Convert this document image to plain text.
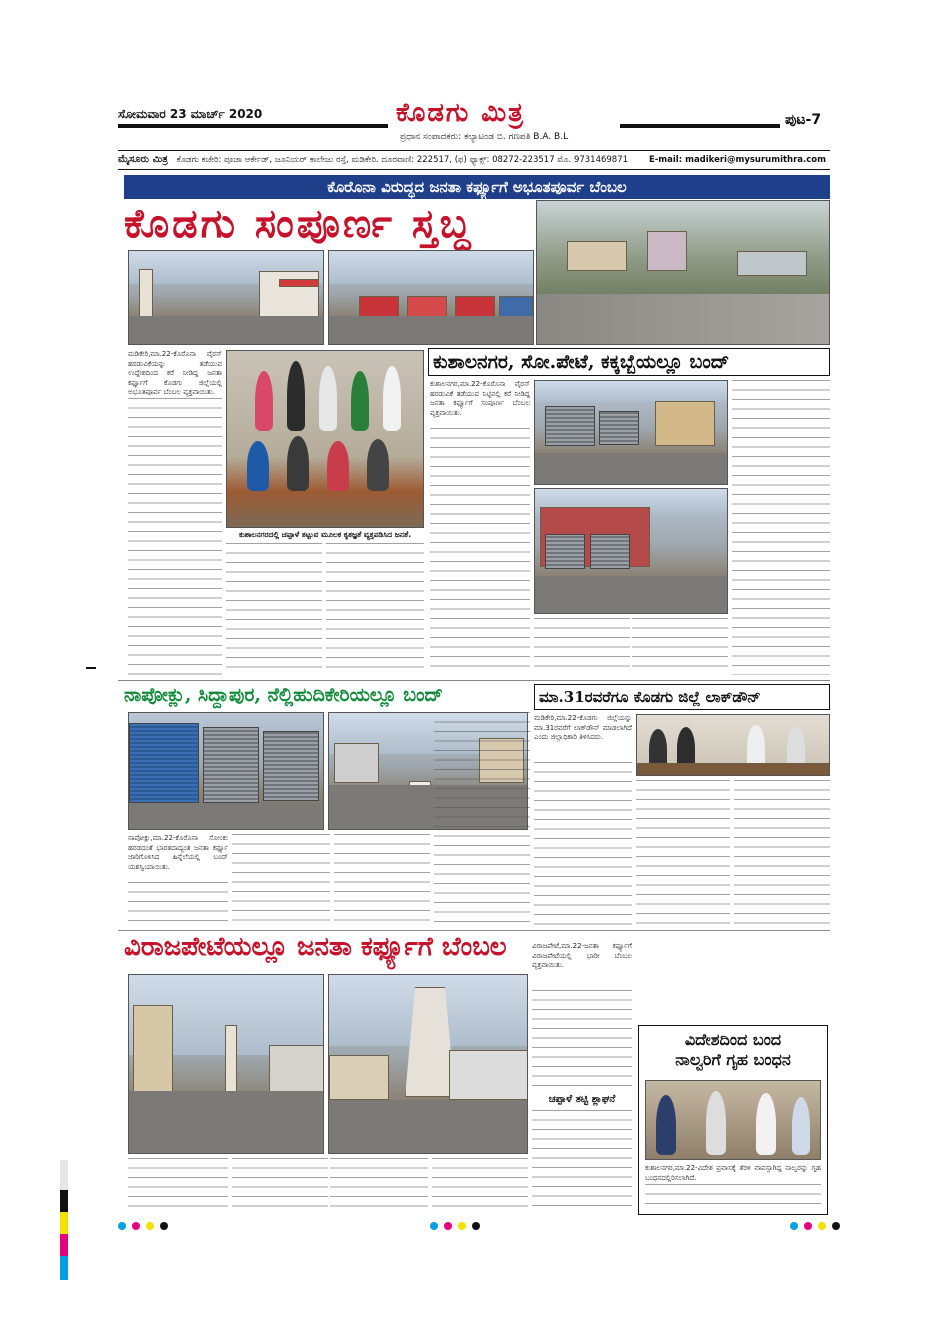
ಸೋಮವಾರ 23 ಮಾರ್ಚ್ 2020	ಕೊಡಗು ಮಿತ್ರ
ಪ್ರಧಾನ ಸಂಪಾದಕರು: ಕಲ್ಯಾಟಂಡ ಬಿ. ಗಣಪತಿ B.A. B.L
ಪುಟ-7
ಮೈಸೂರು ಮಿತ್ರ ಕೊಡಗು ಕಚೇರಿ: ಪೂಜಾ ಆರ್ಕೇಡ್, ಜೂನಿಯರ್ ಕಾಲೇಜು ರಸ್ತೆ, ಮಡಿಕೇರಿ. ದೂರವಾಣಿ: 222517, (ಫ) ಫ್ಯಾಕ್ಸ್: 08272-223517 ಮೊ. 9731469871 E-mail: madikeri@mysurumithra.com
ಕೊರೊನಾ ವಿರುದ್ಧದ ಜನತಾ ಕರ್ಫ್ಯೂಗೆ ಅಭೂತಪೂರ್ವ ಬೆಂಬಲ
ಕೊಡಗು ಸಂಪೂರ್ಣ ಸ್ತಬ್ಧ
ಮಡಿಕೇರಿ,ಮಾ.22-ಕೊರೊನಾ ವೈರಸ್ ಹರಡುವಿಕೆಯನ್ನು ತಡೆಯುವ ಉದ್ದೇಶದಿಂದ ಕರೆ ನೀಡಿದ್ದ ಜನತಾ ಕರ್ಫ್ಯೂಗೆ ಕೊಡಗು ಜಿಲ್ಲೆಯಲ್ಲಿ ಅಭೂತಪೂರ್ವ ಬೆಂಬಲ ವ್ಯಕ್ತವಾಯಿತು.
ಕುಶಾಲನಗರದಲ್ಲಿ ಚಪ್ಪಾಳೆ ತಟ್ಟುವ ಮೂಲಕ ಕೃತಜ್ಞತೆ ವ್ಯಕ್ತಪಡಿಸಿದ ಜನತೆ.
ಕುಶಾಲನಗರ, ಸೋ.ಪೇಟೆ, ಕಕ್ಕಬ್ಬೆಯಲ್ಲೂ ಬಂದ್
ಕುಶಾಲನಗರ,ಮಾ.22-ಕೊರೊನಾ ವೈರಸ್ ಹರಡುವಿಕೆ ತಡೆಯುವ ನಿಟ್ಟಿನಲ್ಲಿ ಕರೆ ನೀಡಿದ್ದ ಜನತಾ ಕರ್ಫ್ಯೂಗೆ ಸಂಪೂರ್ಣ ಬೆಂಬಲ ವ್ಯಕ್ತವಾಯಿತು.
ನಾಪೋಕ್ಲು, ಸಿದ್ದಾಪುರ, ನೆಲ್ಲಿಹುದಿಕೇರಿಯಲ್ಲೂ ಬಂದ್
ನಾಪೋಕ್ಲು,ಮಾ.22-ಕೊರೊನಾ ಸೋಂಕು ಹರಡದಂತೆ ಭಾರತದಾದ್ಯಂತ ಜನತಾ ಕರ್ಫ್ಯೂ ಜಾರಿಗೊಳಿಸಿದ ಹಿನ್ನೆಲೆಯಲ್ಲಿ ಬಂದ್ ಯಶಸ್ವಿಯಾಯಿತು.
ಮಾ.31ರವರೆಗೂ ಕೊಡಗು ಜಿಲ್ಲೆ ಲಾಕ್‌ಡೌನ್
ಮಡಿಕೇರಿ,ಮಾ.22-ಕೊಡಗು ಜಿಲ್ಲೆಯನ್ನು ಮಾ.31ರವರೆಗೆ ಲಾಕ್‌ಡೌನ್ ಮಾಡಲಾಗಿದೆ ಎಂದು ಜಿಲ್ಲಾಧಿಕಾರಿ ತಿಳಿಸಿದರು.
ವಿರಾಜಪೇಟೆಯಲ್ಲೂ ಜನತಾ ಕರ್ಫ್ಯೂಗೆ ಬೆಂಬಲ	ವಿರಾಜಪೇಟೆ,ಮಾ.22-ಜನತಾ ಕರ್ಫ್ಯೂಗೆ ವಿರಾಜಪೇಟೆಯಲ್ಲಿ ಭಾರೀ ಬೆಂಬಲ ವ್ಯಕ್ತವಾಯಿತು.
ಚಪ್ಪಾಳೆ ತಟ್ಟಿ ಶ್ಲಾಘನೆ
ವಿದೇಶದಿಂದ ಬಂದ
ನಾಲ್ವರಿಗೆ ಗೃಹ ಬಂಧನ
ಕುಶಾಲನಗರ,ಮಾ.22-ವಿದೇಶ ಪ್ರವಾಸಕ್ಕೆ ತೆರಳಿ ವಾಪಸ್ಸಾಗಿದ್ದ ನಾಲ್ವರನ್ನು ಗೃಹ ಬಂಧನದಲ್ಲಿರಿಸಲಾಗಿದೆ.
